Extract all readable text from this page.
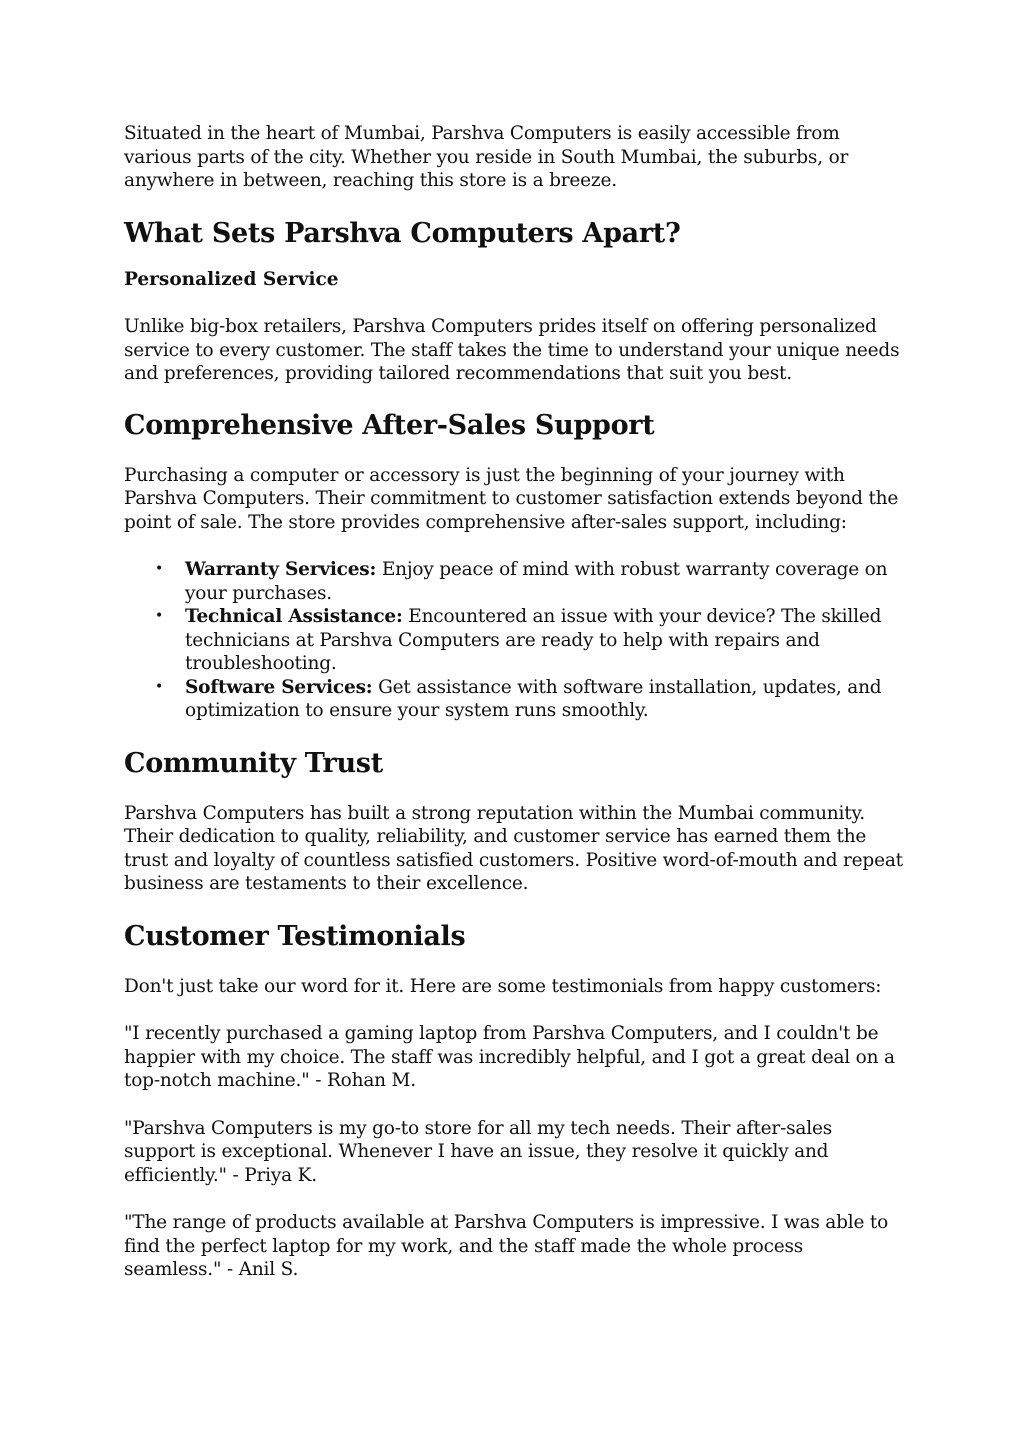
Situated in the heart of Mumbai, Parshva Computers is easily accessible from various parts of the city. Whether you reside in South Mumbai, the suburbs, or anywhere in between, reaching this store is a breeze.

What Sets Parshva Computers Apart?
Personalized Service

Unlike big-box retailers, Parshva Computers prides itself on offering personalized service to every customer. The staff takes the time to understand your unique needs and preferences, providing tailored recommendations that suit you best.

Comprehensive After-Sales Support

Purchasing a computer or accessory is just the beginning of your journey with Parshva Computers. Their commitment to customer satisfaction extends beyond the point of sale. The store provides comprehensive after-sales support, including:

• Warranty Services: Enjoy peace of mind with robust warranty coverage on your purchases.
• Technical Assistance: Encountered an issue with your device? The skilled technicians at Parshva Computers are ready to help with repairs and troubleshooting.
• Software Services: Get assistance with software installation, updates, and optimization to ensure your system runs smoothly.
Community Trust

Parshva Computers has built a strong reputation within the Mumbai community. Their dedication to quality, reliability, and customer service has earned them the trust and loyalty of countless satisfied customers. Positive word-of-mouth and repeat business are testaments to their excellence.

Customer Testimonials

Don't just take our word for it. Here are some testimonials from happy customers:

"I recently purchased a gaming laptop from Parshva Computers, and I couldn't be happier with my choice. The staff was incredibly helpful, and I got a great deal on a top-notch machine." - Rohan M.

"Parshva Computers is my go-to store for all my tech needs. Their after-sales support is exceptional. Whenever I have an issue, they resolve it quickly and efficiently." - Priya K.

"The range of products available at Parshva Computers is impressive. I was able to find the perfect laptop for my work, and the staff made the whole process seamless." - Anil S.
